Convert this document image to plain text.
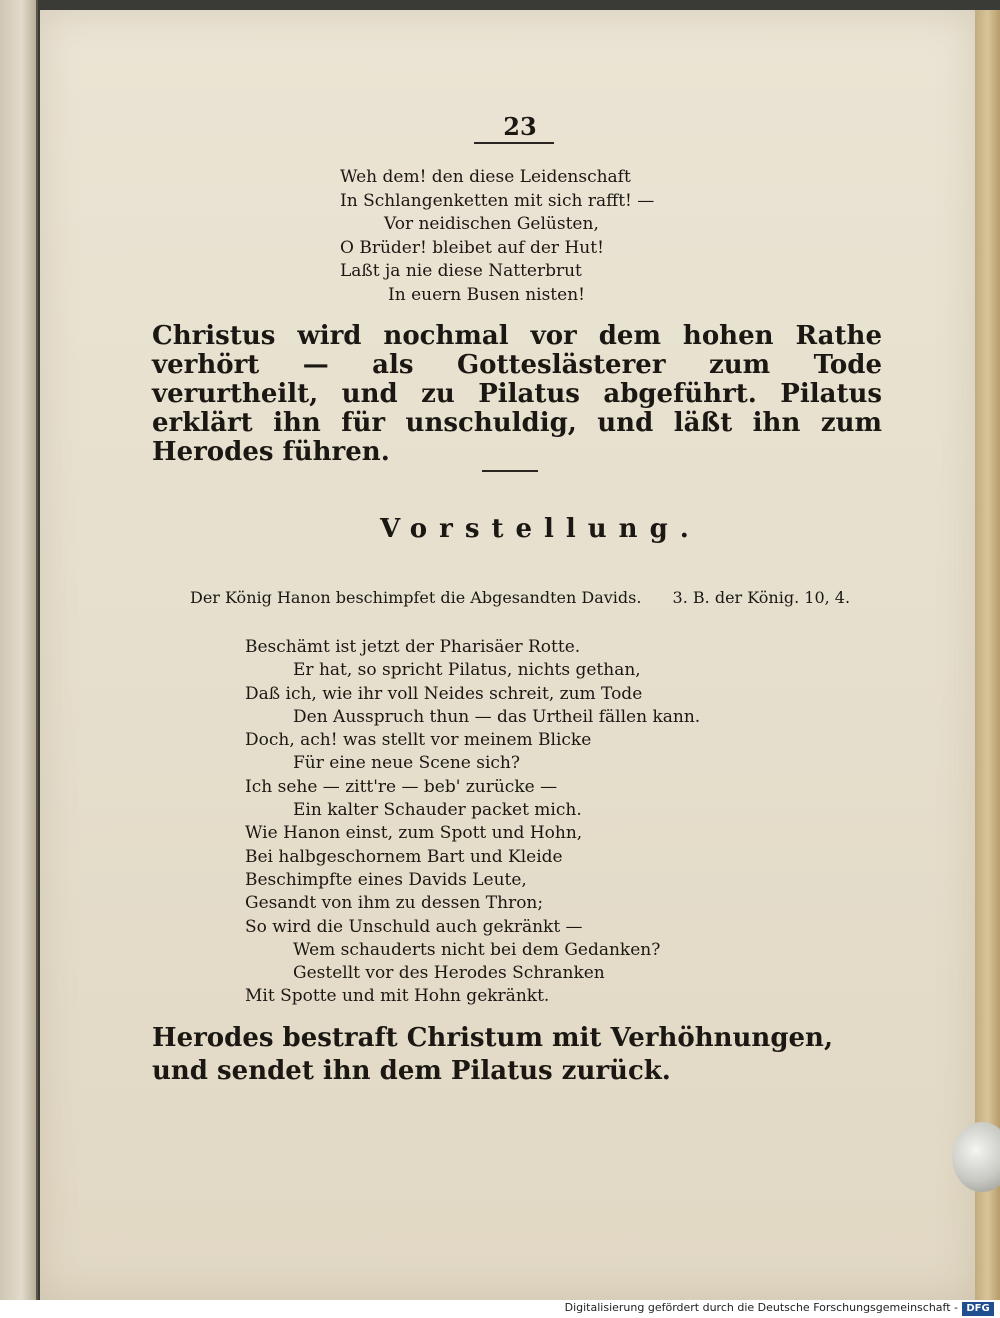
23
Weh dem! den diese Leidenschaft
In Schlangenketten mit sich rafft! —
Vor neidischen Gelüsten,
O Brüder! bleibet auf der Hut!
Laßt ja nie diese Natterbrut
In euern Busen nisten!
Christus wird nochmal vor dem hohen Rathe verhört — als Gotteslästerer zum Tode verurtheilt, und zu Pilatus abgeführt. Pilatus erklärt ihn für unschuldig, und läßt ihn zum Herodes führen.
Vorstellung.
Der König Hanon beschimpfet die Abgesandten Davids. 3. B. der König. 10, 4.
Beschämt ist jetzt der Pharisäer Rotte.
Er hat, so spricht Pilatus, nichts gethan,
Daß ich, wie ihr voll Neides schreit, zum Tode
Den Ausspruch thun — das Urtheil fällen kann.
Doch, ach! was stellt vor meinem Blicke
Für eine neue Scene sich?
Ich sehe — zitt're — beb' zurücke —
Ein kalter Schauder packet mich.
Wie Hanon einst, zum Spott und Hohn,
Bei halbgeschornem Bart und Kleide
Beschimpfte eines Davids Leute,
Gesandt von ihm zu dessen Thron;
So wird die Unschuld auch gekränkt —
Wem schauderts nicht bei dem Gedanken?
Gestellt vor des Herodes Schranken
Mit Spotte und mit Hohn gekränkt.
Herodes bestraft Christum mit Verhöhnungen, und sendet ihn dem Pilatus zurück.
Digitalisierung gefördert durch die Deutsche Forschungsgemeinschaft - DFG
